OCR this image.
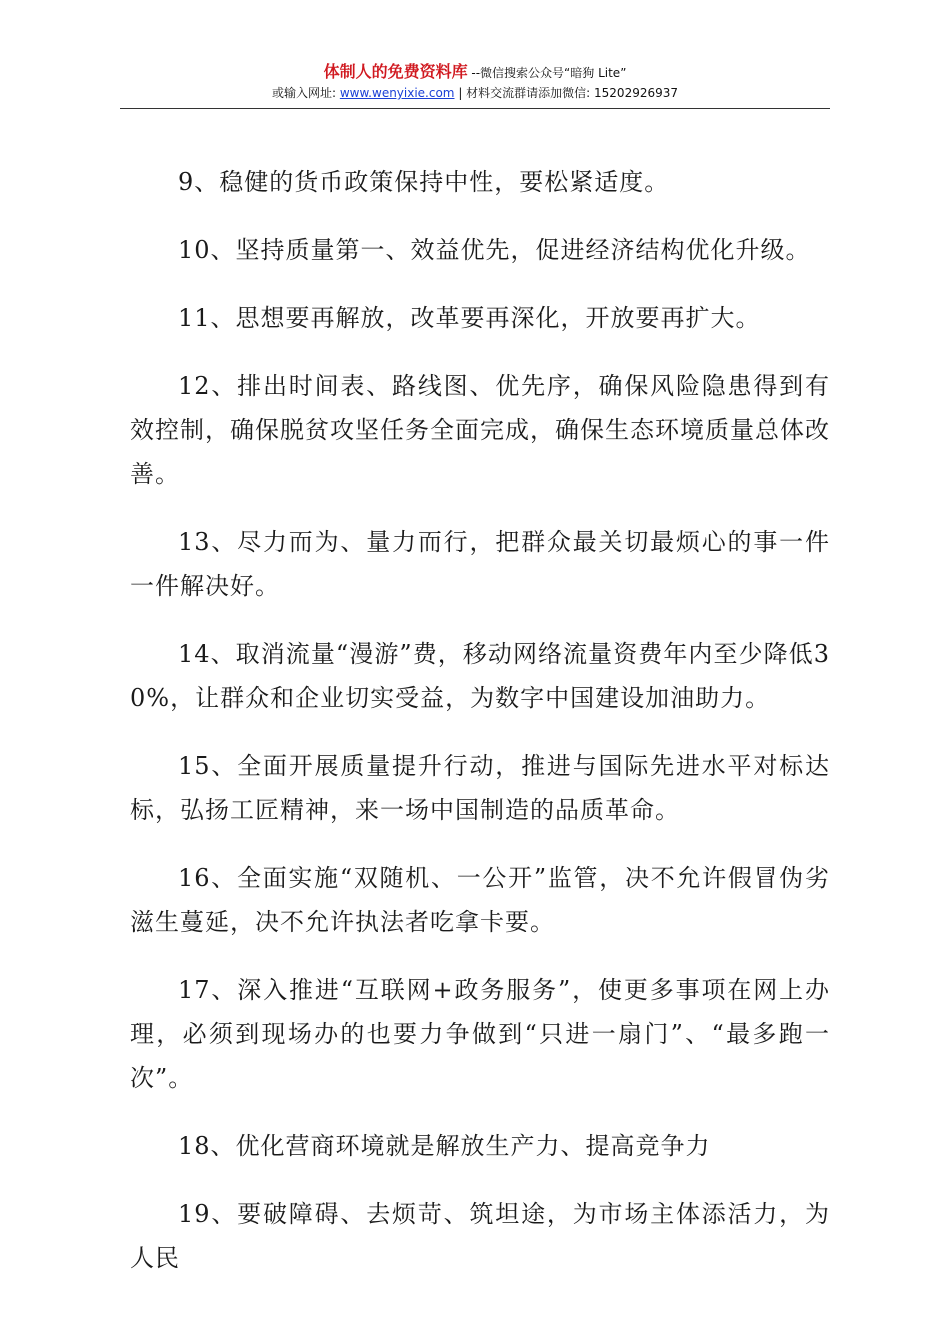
体制人的免费资料库 --微信搜索公众号“暗狗 Lite”
或输入网址: www.wenyixie.com | 材料交流群请添加微信: 15202926937

9、稳健的货币政策保持中性，要松紧适度。

10、坚持质量第一、效益优先，促进经济结构优化升级。

11、思想要再解放，改革要再深化，开放要再扩大。

12、排出时间表、路线图、优先序，确保风险隐患得到有效控制，确保脱贫攻坚任务全面完成，确保生态环境质量总体改善。

13、尽力而为、量力而行，把群众最关切最烦心的事一件一件解决好。

14、取消流量“漫游”费，移动网络流量资费年内至少降低30%，让群众和企业切实受益，为数字中国建设加油助力。

15、全面开展质量提升行动，推进与国际先进水平对标达标，弘扬工匠精神，来一场中国制造的品质革命。

16、全面实施“双随机、一公开”监管，决不允许假冒伪劣滋生蔓延，决不允许执法者吃拿卡要。

17、深入推进“互联网+政务服务”，使更多事项在网上办理，必须到现场办的也要力争做到“只进一扇门”、“最多跑一次”。

18、优化营商环境就是解放生产力、提高竞争力

19、要破障碍、去烦苛、筑坦途，为市场主体添活力，为人民
